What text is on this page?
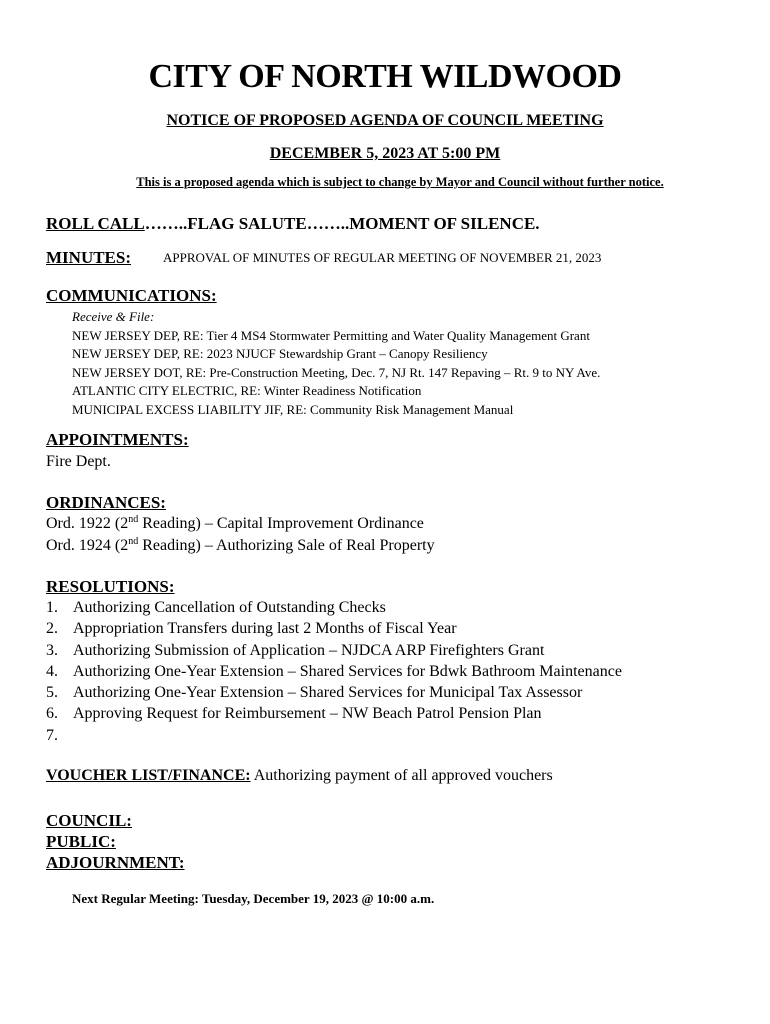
CITY OF NORTH WILDWOOD
NOTICE OF PROPOSED AGENDA OF COUNCIL MEETING
DECEMBER 5, 2023 AT 5:00 PM
This is a proposed agenda which is subject to change by Mayor and Council without further notice.
ROLL CALL……..FLAG SALUTE……..MOMENT OF SILENCE.
MINUTES: APPROVAL OF MINUTES OF REGULAR MEETING OF NOVEMBER 21, 2023
COMMUNICATIONS:
Receive & File:
NEW JERSEY DEP, RE: Tier 4 MS4 Stormwater Permitting and Water Quality Management Grant
NEW JERSEY DEP, RE: 2023 NJUCF Stewardship Grant – Canopy Resiliency
NEW JERSEY DOT, RE: Pre-Construction Meeting, Dec. 7, NJ Rt. 147 Repaving – Rt. 9 to NY Ave.
ATLANTIC CITY ELECTRIC, RE: Winter Readiness Notification
MUNICIPAL EXCESS LIABILITY JIF, RE: Community Risk Management Manual
APPOINTMENTS:
Fire Dept.
ORDINANCES:
Ord. 1922 (2nd Reading) – Capital Improvement Ordinance
Ord. 1924 (2nd Reading) – Authorizing Sale of Real Property
RESOLUTIONS:
1. Authorizing Cancellation of Outstanding Checks
2. Appropriation Transfers during last 2 Months of Fiscal Year
3. Authorizing Submission of Application – NJDCA ARP Firefighters Grant
4. Authorizing One-Year Extension – Shared Services for Bdwk Bathroom Maintenance
5. Authorizing One-Year Extension – Shared Services for Municipal Tax Assessor
6. Approving Request for Reimbursement – NW Beach Patrol Pension Plan
7.
VOUCHER LIST/FINANCE: Authorizing payment of all approved vouchers
COUNCIL:
PUBLIC:
ADJOURNMENT:
Next Regular Meeting: Tuesday, December 19, 2023 @ 10:00 a.m.
